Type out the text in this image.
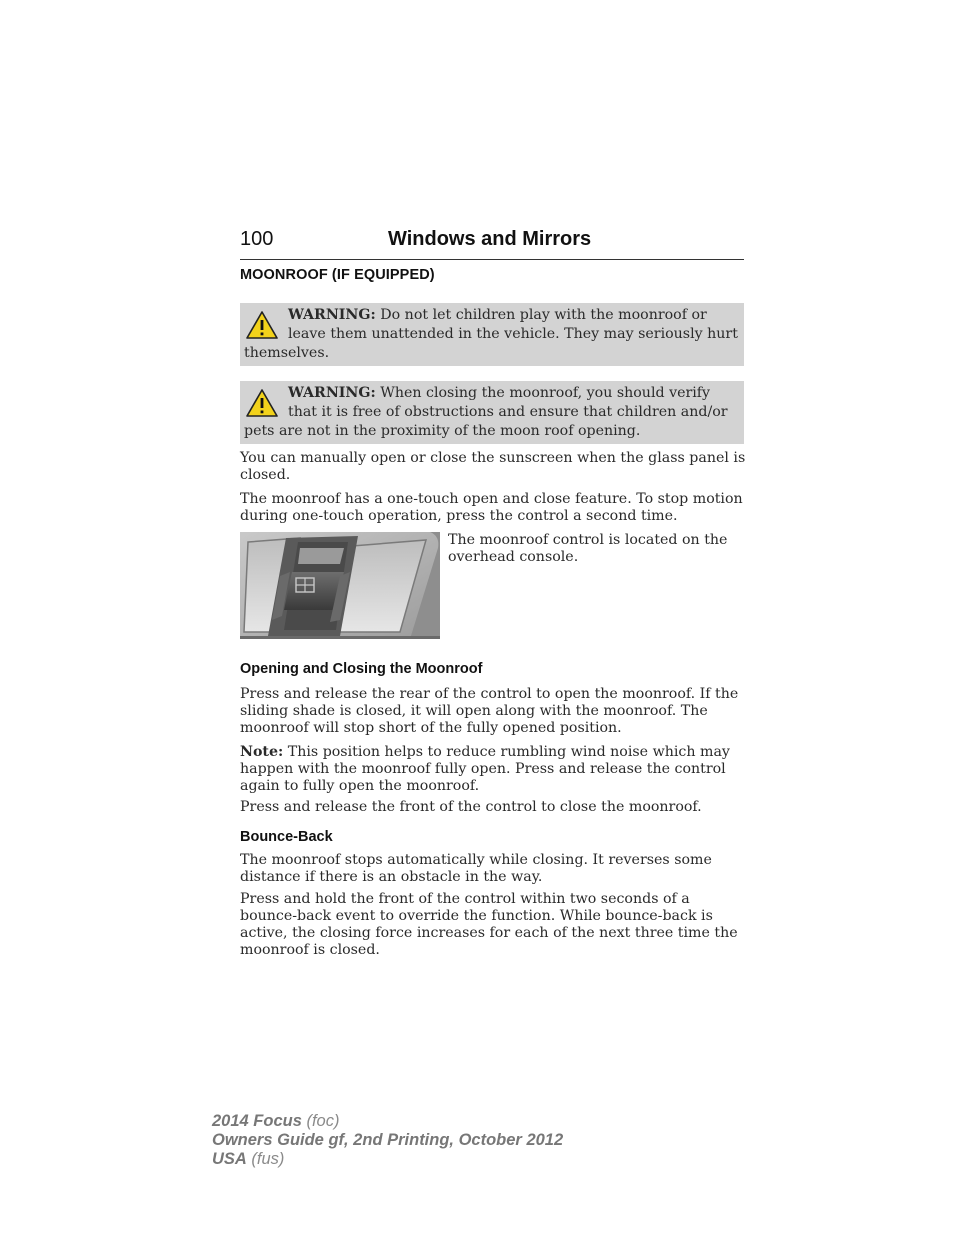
100	Windows and Mirrors
MOONROOF (IF EQUIPPED)
WARNING: Do not let children play with the moonroof or leave them unattended in the vehicle. They may seriously hurt themselves.
WARNING: When closing the moonroof, you should verify that it is free of obstructions and ensure that children and/or pets are not in the proximity of the moon roof opening.
You can manually open or close the sunscreen when the glass panel is closed.
The moonroof has a one-touch open and close feature. To stop motion during one-touch operation, press the control a second time.
The moonroof control is located on the overhead console.
Opening and Closing the Moonroof
Press and release the rear of the control to open the moonroof. If the sliding shade is closed, it will open along with the moonroof. The moonroof will stop short of the fully opened position.
Note: This position helps to reduce rumbling wind noise which may happen with the moonroof fully open. Press and release the control again to fully open the moonroof.
Press and release the front of the control to close the moonroof.
Bounce-Back
The moonroof stops automatically while closing. It reverses some distance if there is an obstacle in the way.
Press and hold the front of the control within two seconds of a bounce-back event to override the function. While bounce-back is active, the closing force increases for each of the next three time the moonroof is closed.
2014 Focus (foc)
Owners Guide gf, 2nd Printing, October 2012
USA (fus)
